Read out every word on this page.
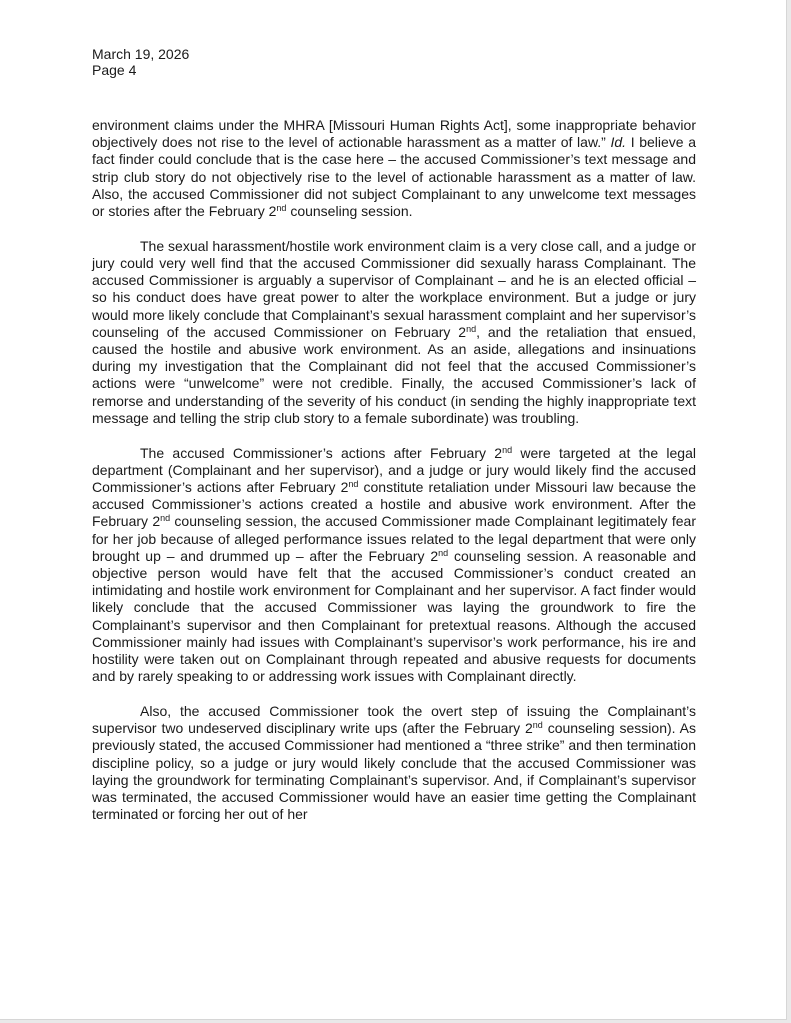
March 19, 2026
Page 4

environment claims under the MHRA [Missouri Human Rights Act], some inappropriate behavior objectively does not rise to the level of actionable harassment as a matter of law.” Id. I believe a fact finder could conclude that is the case here – the accused Commissioner’s text message and strip club story do not objectively rise to the level of actionable harassment as a matter of law. Also, the accused Commissioner did not subject Complainant to any unwelcome text messages or stories after the February 2nd counseling session.

The sexual harassment/hostile work environment claim is a very close call, and a judge or jury could very well find that the accused Commissioner did sexually harass Complainant. The accused Commissioner is arguably a supervisor of Complainant – and he is an elected official – so his conduct does have great power to alter the workplace environment. But a judge or jury would more likely conclude that Complainant’s sexual harassment complaint and her supervisor’s counseling of the accused Commissioner on February 2nd, and the retaliation that ensued, caused the hostile and abusive work environment. As an aside, allegations and insinuations during my investigation that the Complainant did not feel that the accused Commissioner’s actions were “unwelcome” were not credible. Finally, the accused Commissioner’s lack of remorse and understanding of the severity of his conduct (in sending the highly inappropriate text message and telling the strip club story to a female subordinate) was troubling.

The accused Commissioner’s actions after February 2nd were targeted at the legal department (Complainant and her supervisor), and a judge or jury would likely find the accused Commissioner’s actions after February 2nd constitute retaliation under Missouri law because the accused Commissioner’s actions created a hostile and abusive work environment. After the February 2nd counseling session, the accused Commissioner made Complainant legitimately fear for her job because of alleged performance issues related to the legal department that were only brought up – and drummed up – after the February 2nd counseling session. A reasonable and objective person would have felt that the accused Commissioner’s conduct created an intimidating and hostile work environment for Complainant and her supervisor. A fact finder would likely conclude that the accused Commissioner was laying the groundwork to fire the Complainant’s supervisor and then Complainant for pretextual reasons. Although the accused Commissioner mainly had issues with Complainant’s supervisor’s work performance, his ire and hostility were taken out on Complainant through repeated and abusive requests for documents and by rarely speaking to or addressing work issues with Complainant directly.

Also, the accused Commissioner took the overt step of issuing the Complainant’s supervisor two undeserved disciplinary write ups (after the February 2nd counseling session). As previously stated, the accused Commissioner had mentioned a “three strike” and then termination discipline policy, so a judge or jury would likely conclude that the accused Commissioner was laying the groundwork for terminating Complainant’s supervisor. And, if Complainant’s supervisor was terminated, the accused Commissioner would have an easier time getting the Complainant terminated or forcing her out of her
